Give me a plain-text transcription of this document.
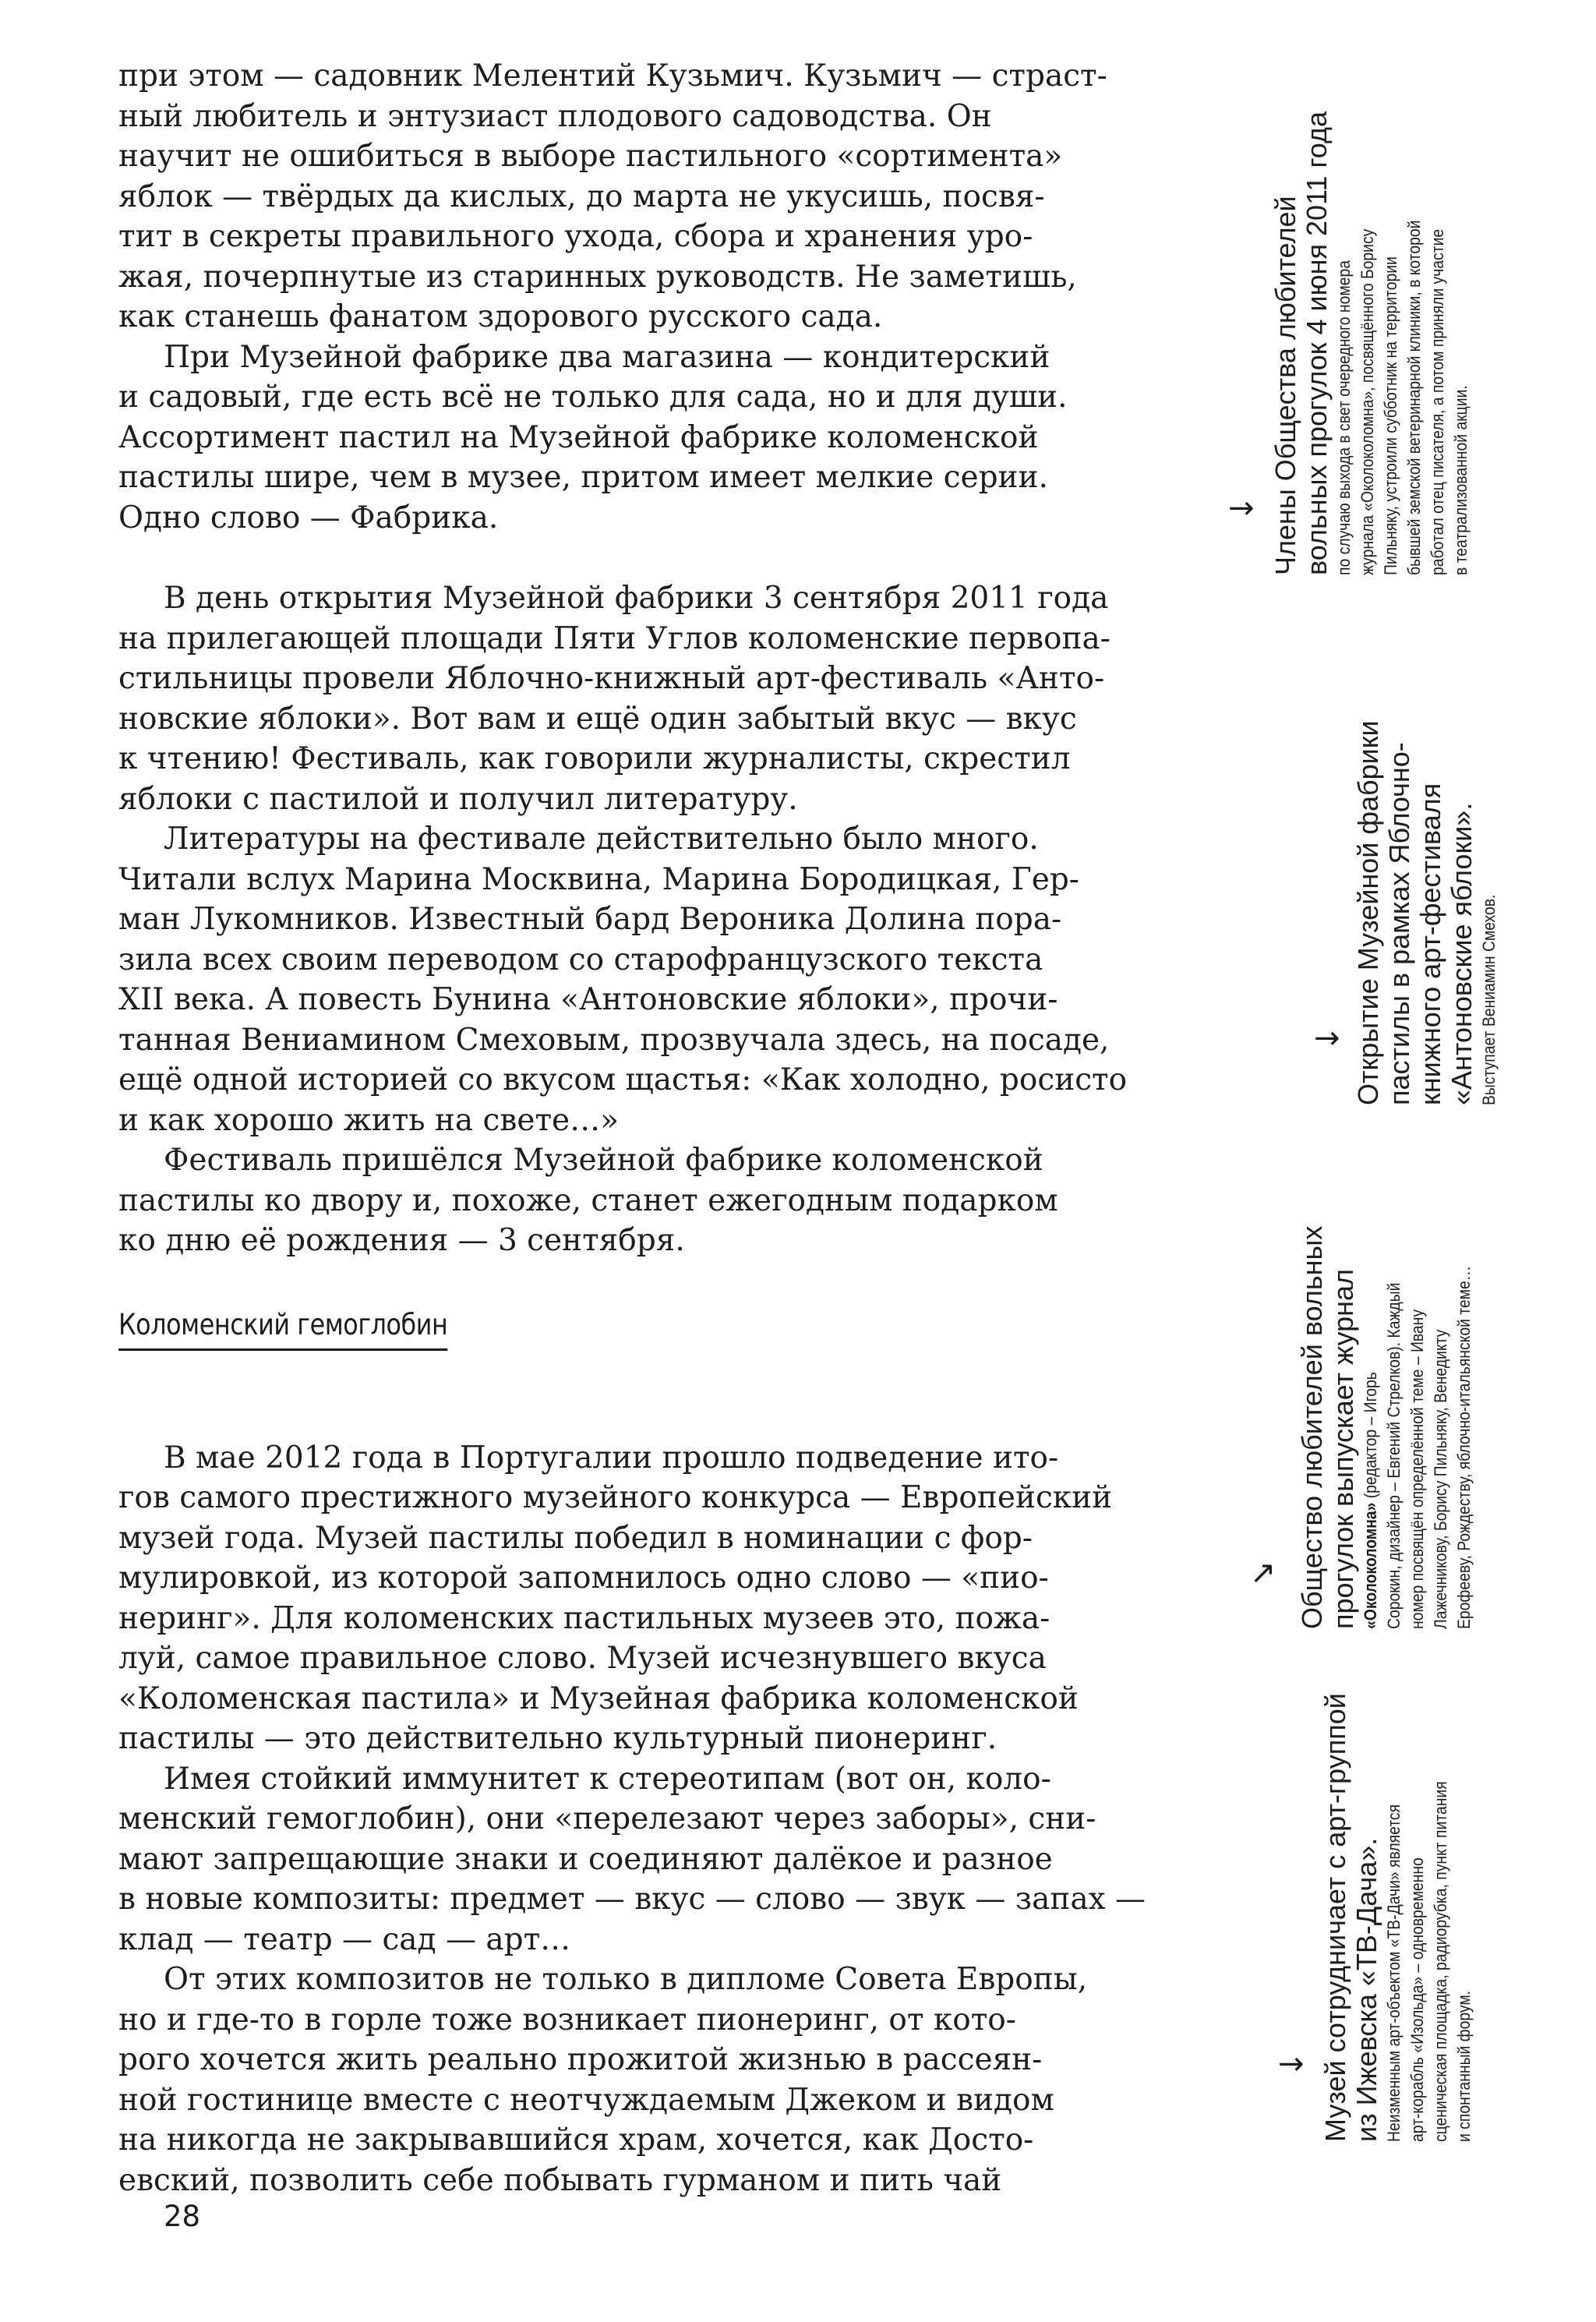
при этом — садовник Мелентий Кузьмич. Кузьмич — страст-
ный любитель и энтузиаст плодового садоводства. Он
научит не ошибиться в выборе пастильного «сортимента»
яблок — твёрдых да кислых, до марта не укусишь, посвя-
тит в секреты правильного ухода, сбора и хранения уро-
жая, почерпнутые из старинных руководств. Не заметишь,
как станешь фанатом здорового русского сада.

При Музейной фабрике два магазина — кондитерский
и садовый, где есть всё не только для сада, но и для души.
Ассортимент пастил на Музейной фабрике коломенской
пастилы шире, чем в музее, притом имеет мелкие серии.
Одно слово — Фабрика.

В день открытия Музейной фабрики 3 сентября 2011 года
на прилегающей площади Пяти Углов коломенские первопа-
стильницы провели Яблочно-книжный арт-фестиваль «Анто-
новские яблоки». Вот вам и ещё один забытый вкус — вкус
к чтению! Фестиваль, как говорили журналисты, скрестил
яблоки с пастилой и получил литературу.

Литературы на фестивале действительно было много.
Читали вслух Марина Москвина, Марина Бородицкая, Гер-
ман Лукомников. Известный бард Вероника Долина пора-
зила всех своим переводом со старофранцузского текста
XII века. А повесть Бунина «Антоновские яблоки», прочи-
танная Вениамином Смеховым, прозвучала здесь, на посаде,
ещё одной историей со вкусом щастья: «Как холодно, росисто
и как хорошо жить на свете…»

Фестиваль пришёлся Музейной фабрике коломенской
пастилы ко двору и, похоже, станет ежегодным подарком
ко дню её рождения — 3 сентября.

Коломенский гемоглобин

В мае 2012 года в Португалии прошло подведение ито-
гов самого престижного музейного конкурса — Европейский
музей года. Музей пастилы победил в номинации с фор-
мулировкой, из которой запомнилось одно слово — «пио-
неринг». Для коломенских пастильных музеев это, пожа-
луй, самое правильное слово. Музей исчезнувшего вкуса
«Коломенская пастила» и Музейная фабрика коломенской
пастилы — это действительно культурный пионеринг.

Имея стойкий иммунитет к стереотипам (вот он, коло-
менский гемоглобин), они «перелезают через заборы», сни-
мают запрещающие знаки и соединяют далёкое и разное
в новые композиты: предмет — вкус — слово — звук — запах —
клад — театр — сад — арт…

От этих композитов не только в дипломе Совета Европы,
но и где-то в горле тоже возникает пионеринг, от кото-
рого хочется жить реально прожитой жизнью в рассеян-
ной гостинице вместе с неотчуждаемым Джеком и видом
на никогда не закрывавшийся храм, хочется, как Досто-
евский, позволить себе побывать гурманом и пить чай

28
→ Члены Общества любителей вольных прогулок 4 июня 2011 года по случаю выхода в свет очередного номера журнала «Околоколомна», посвящённого Борису Пильняку, устроили субботник на территории бывшей земской ветеринарной клиники, в которой работал отец писателя, а потом приняли участие в театрализованной акции.
→ Открытие Музейной фабрики пастилы в рамках Яблочно- книжного арт-фестиваля «Антоновские яблоки». Выступает Вениамин Смехов.
↗ Общество любителей вольных прогулок выпускает журнал «Околоколомна» (редактор – Игорь Сорокин, дизайнер – Евгений Стрелков). Каждый номер посвящён определённой теме – Ивану Лажечникову, Борису Пильняку, Венедикту Ерофееву, Рождеству, яблочно-итальянской теме…
→ Музей сотрудничает с арт-группой из Ижевска «ТВ-Дача». Неизменным арт-объектом «ТВ-Дачи» является арт-корабль «Изольда» – одновременно сценическая площадка, радиорубка, пункт питания и спонтанный форум.
